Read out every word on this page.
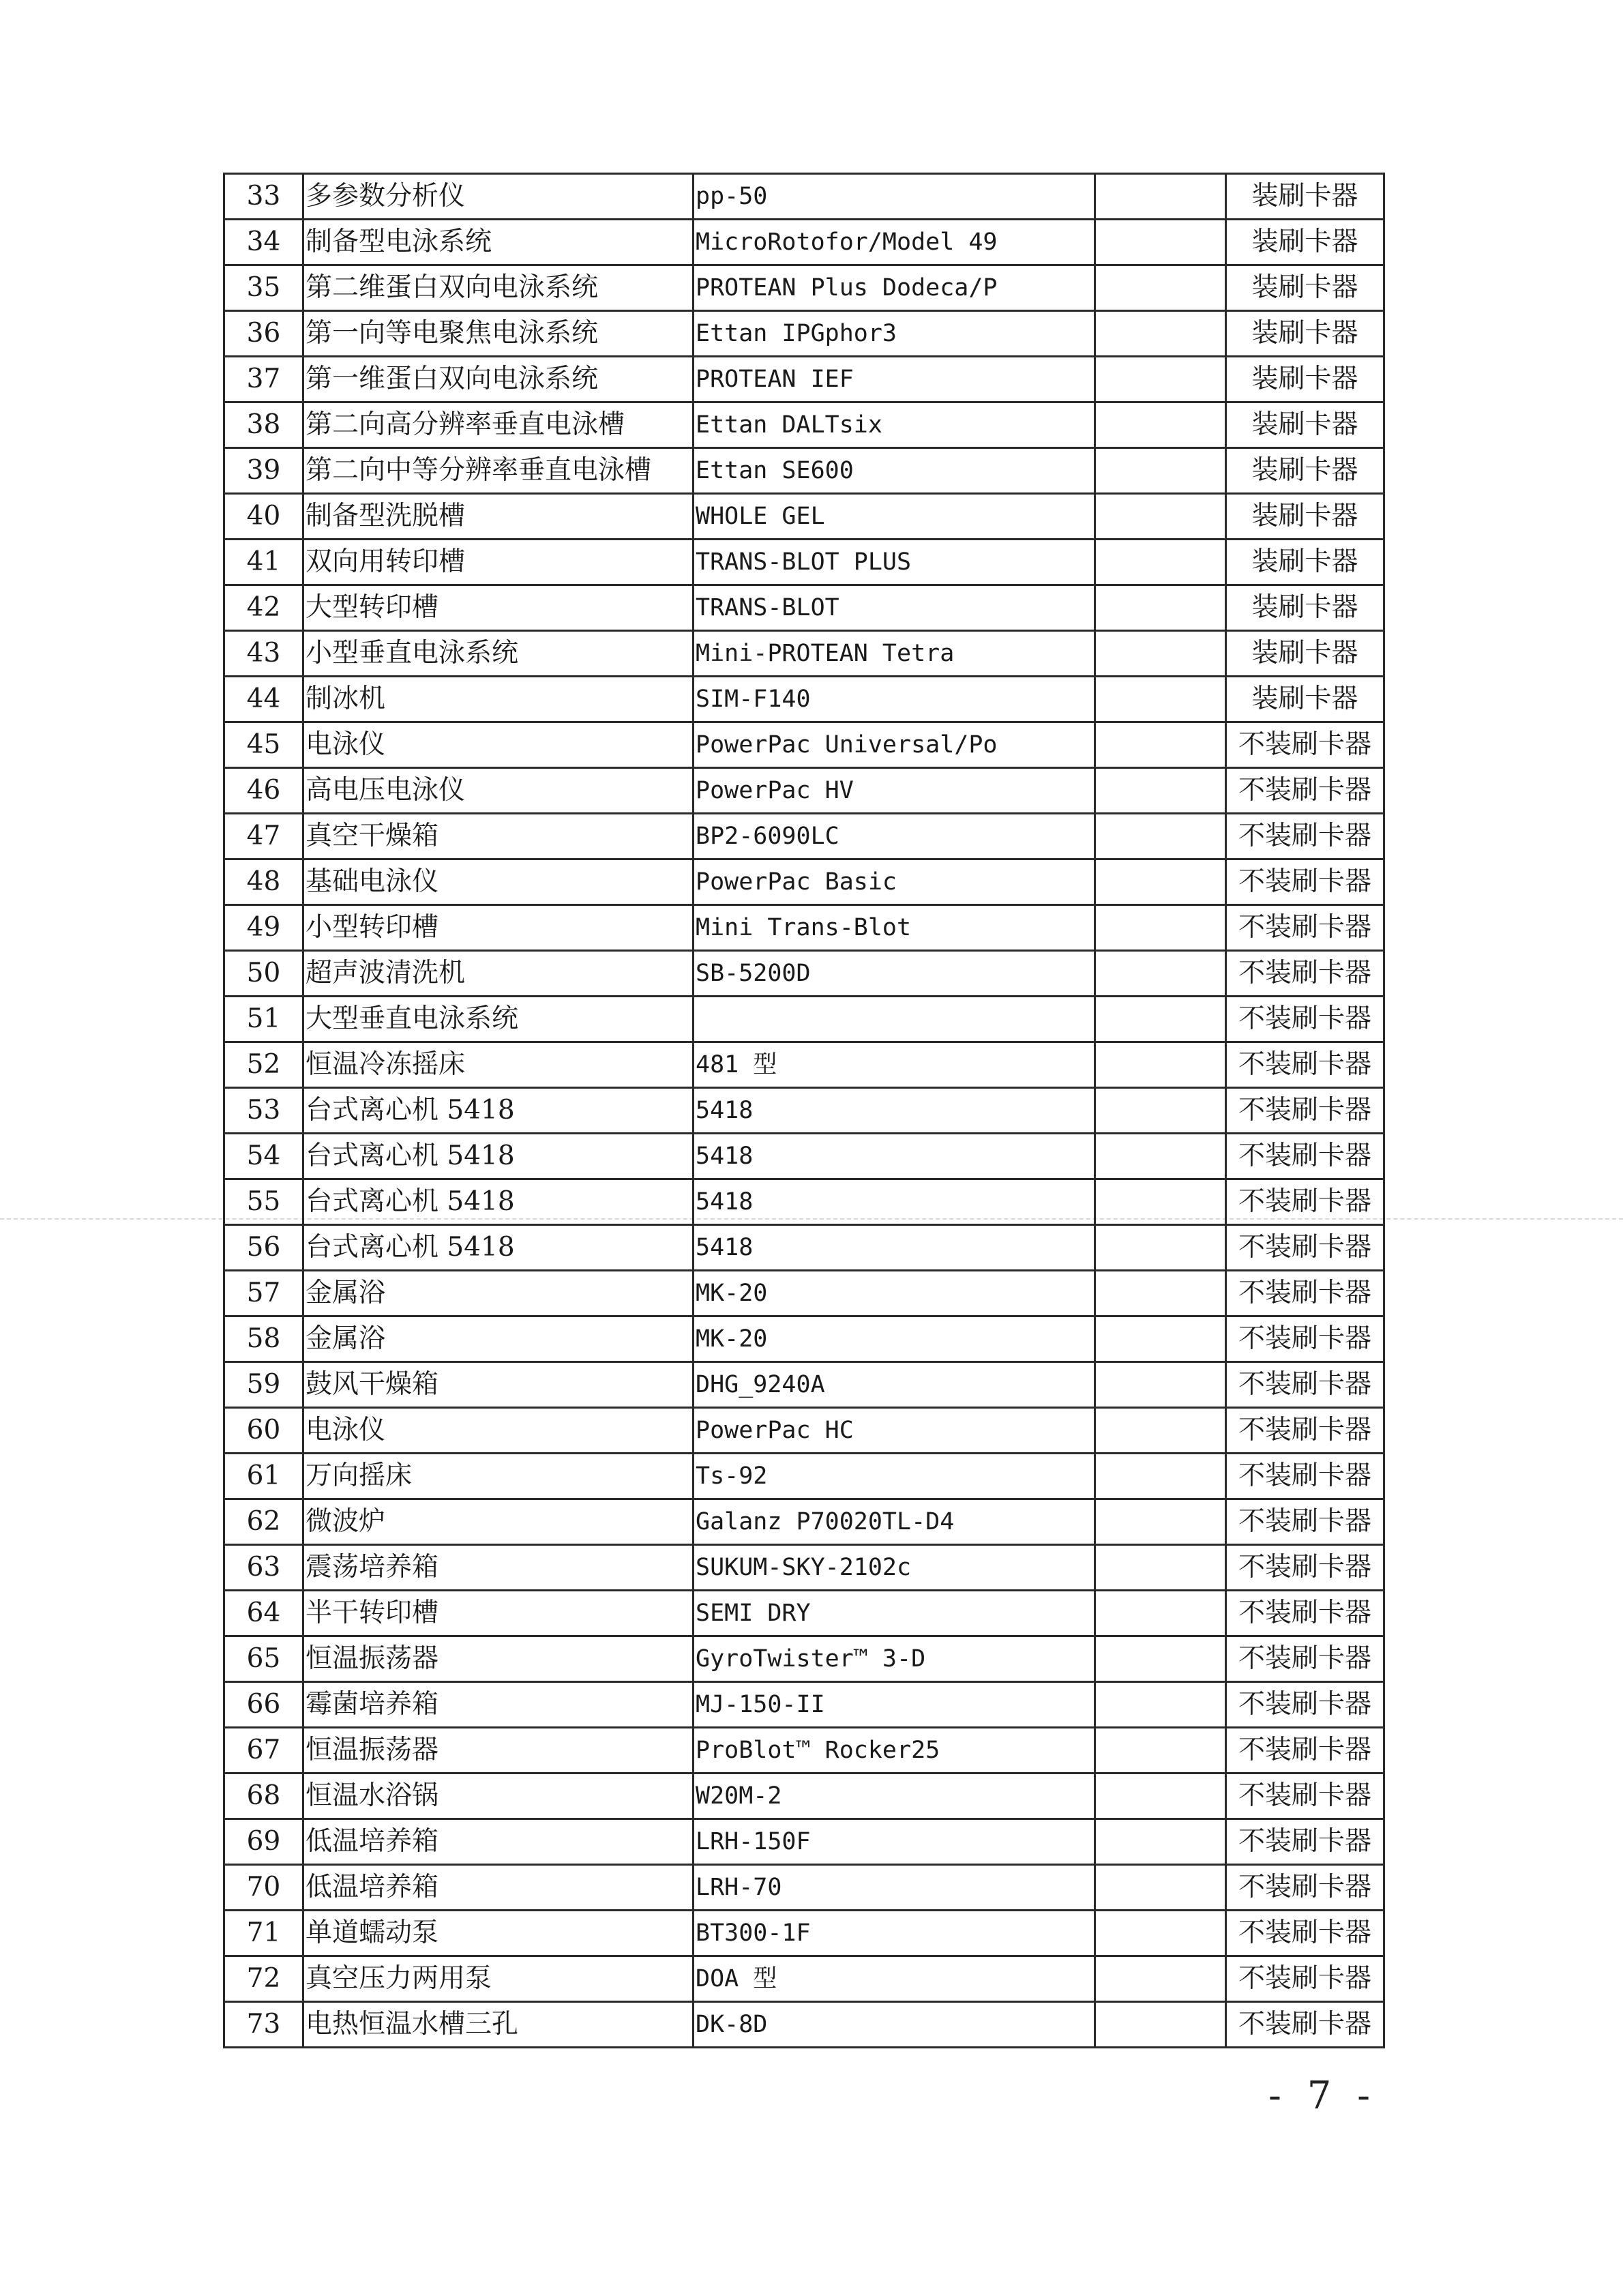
33	多参数分析仪	pp-50		装刷卡器
34	制备型电泳系统	MicroRotofor/Model 49		装刷卡器
35	第二维蛋白双向电泳系统	PROTEAN Plus Dodeca/P		装刷卡器
36	第一向等电聚焦电泳系统	Ettan IPGphor3		装刷卡器
37	第一维蛋白双向电泳系统	PROTEAN IEF		装刷卡器
38	第二向高分辨率垂直电泳槽	Ettan DALTsix		装刷卡器
39	第二向中等分辨率垂直电泳槽	Ettan SE600		装刷卡器
40	制备型洗脱槽	WHOLE GEL		装刷卡器
41	双向用转印槽	TRANS-BLOT PLUS		装刷卡器
42	大型转印槽	TRANS-BLOT		装刷卡器
43	小型垂直电泳系统	Mini-PROTEAN Tetra		装刷卡器
44	制冰机	SIM-F140		装刷卡器
45	电泳仪	PowerPac Universal/Po		不装刷卡器
46	高电压电泳仪	PowerPac HV		不装刷卡器
47	真空干燥箱	BP2-6090LC		不装刷卡器
48	基础电泳仪	PowerPac Basic		不装刷卡器
49	小型转印槽	Mini Trans-Blot		不装刷卡器
50	超声波清洗机	SB-5200D		不装刷卡器
51	大型垂直电泳系统			不装刷卡器
52	恒温冷冻摇床	481 型		不装刷卡器
53	台式离心机 5418	5418		不装刷卡器
54	台式离心机 5418	5418		不装刷卡器
55	台式离心机 5418	5418		不装刷卡器
56	台式离心机 5418	5418		不装刷卡器
57	金属浴	MK-20		不装刷卡器
58	金属浴	MK-20		不装刷卡器
59	鼓风干燥箱	DHG_9240A		不装刷卡器
60	电泳仪	PowerPac HC		不装刷卡器
61	万向摇床	Ts-92		不装刷卡器
62	微波炉	Galanz P70020TL-D4		不装刷卡器
63	震荡培养箱	SUKUM-SKY-2102c		不装刷卡器
64	半干转印槽	SEMI DRY		不装刷卡器
65	恒温振荡器	GyroTwister™ 3-D		不装刷卡器
66	霉菌培养箱	MJ-150-II		不装刷卡器
67	恒温振荡器	ProBlot™ Rocker25		不装刷卡器
68	恒温水浴锅	W20M-2		不装刷卡器
69	低温培养箱	LRH-150F		不装刷卡器
70	低温培养箱	LRH-70		不装刷卡器
71	单道蠕动泵	BT300-1F		不装刷卡器
72	真空压力两用泵	DOA 型		不装刷卡器
73	电热恒温水槽三孔	DK-8D		不装刷卡器
- 7 -
